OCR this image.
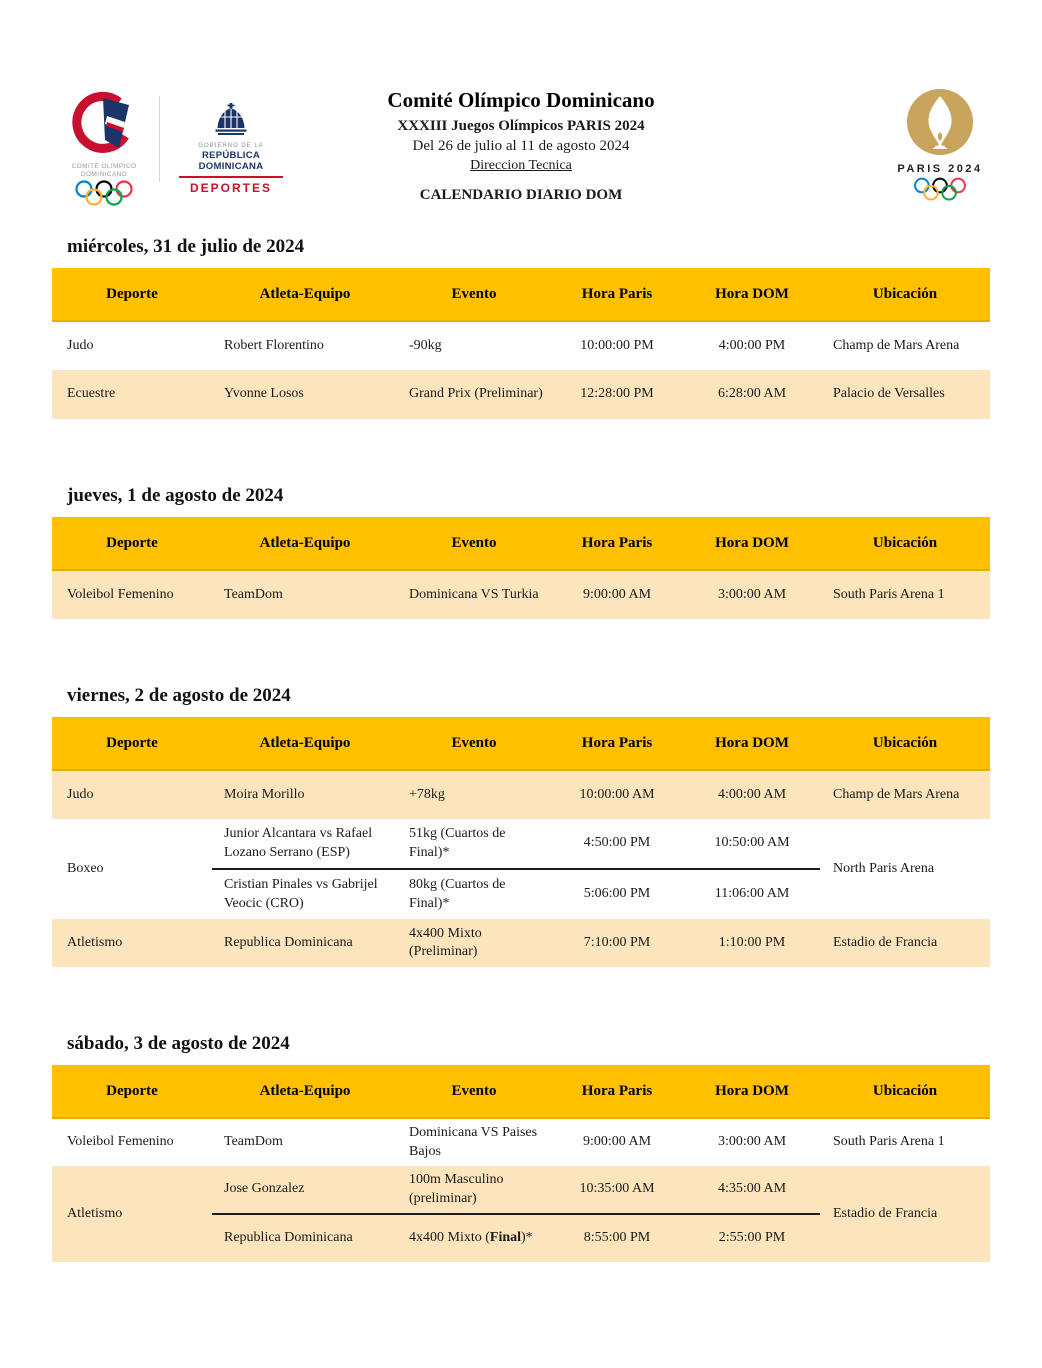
COMITÉ OLÍMPICO
DOMINICANO
GOBIERNO DE LA
REPÚBLICA DOMINICANA
DEPORTES
Comité Olímpico Dominicano
XXXIII Juegos Olímpicos PARIS 2024
Del 26 de julio al 11 de agosto 2024
Direccion Tecnica
CALENDARIO DIARIO DOM
PARIS 2024
miércoles, 31 de julio de 2024
Deporte	Atleta-Equipo	Evento	Hora Paris	Hora DOM	Ubicación
Judo	Robert Florentino	-90kg	10:00:00 PM	4:00:00 PM	Champ de Mars Arena
Ecuestre	Yvonne Losos	Grand Prix (Preliminar)	12:28:00 PM	6:28:00 AM	Palacio de Versalles
jueves, 1 de agosto de 2024
Deporte	Atleta-Equipo	Evento	Hora Paris	Hora DOM	Ubicación
Voleibol Femenino	TeamDom	Dominicana VS Turkia	9:00:00 AM	3:00:00 AM	South Paris Arena 1
viernes, 2 de agosto de 2024
Deporte	Atleta-Equipo	Evento	Hora Paris	Hora DOM	Ubicación
Judo	Moira Morillo	+78kg	10:00:00 AM	4:00:00 AM	Champ de Mars Arena
Boxeo	Junior Alcantara vs Rafael Lozano Serrano (ESP)	51kg (Cuartos de Final)*	4:50:00 PM	10:50:00 AM	North Paris Arena
	Cristian Pinales vs Gabrijel Veocic (CRO)	80kg (Cuartos de Final)*	5:06:00 PM	11:06:00 AM	
Atletismo	Republica Dominicana	4x400 Mixto (Preliminar)	7:10:00 PM	1:10:00 PM	Estadio de Francia
sábado, 3 de agosto de 2024
Deporte	Atleta-Equipo	Evento	Hora Paris	Hora DOM	Ubicación
Voleibol Femenino	TeamDom	Dominicana VS Paises Bajos	9:00:00 AM	3:00:00 AM	South Paris Arena 1
Atletismo	Jose Gonzalez	100m Masculino (preliminar)	10:35:00 AM	4:35:00 AM	Estadio de Francia
	Republica Dominicana	4x400 Mixto (Final)*	8:55:00 PM	2:55:00 PM	
